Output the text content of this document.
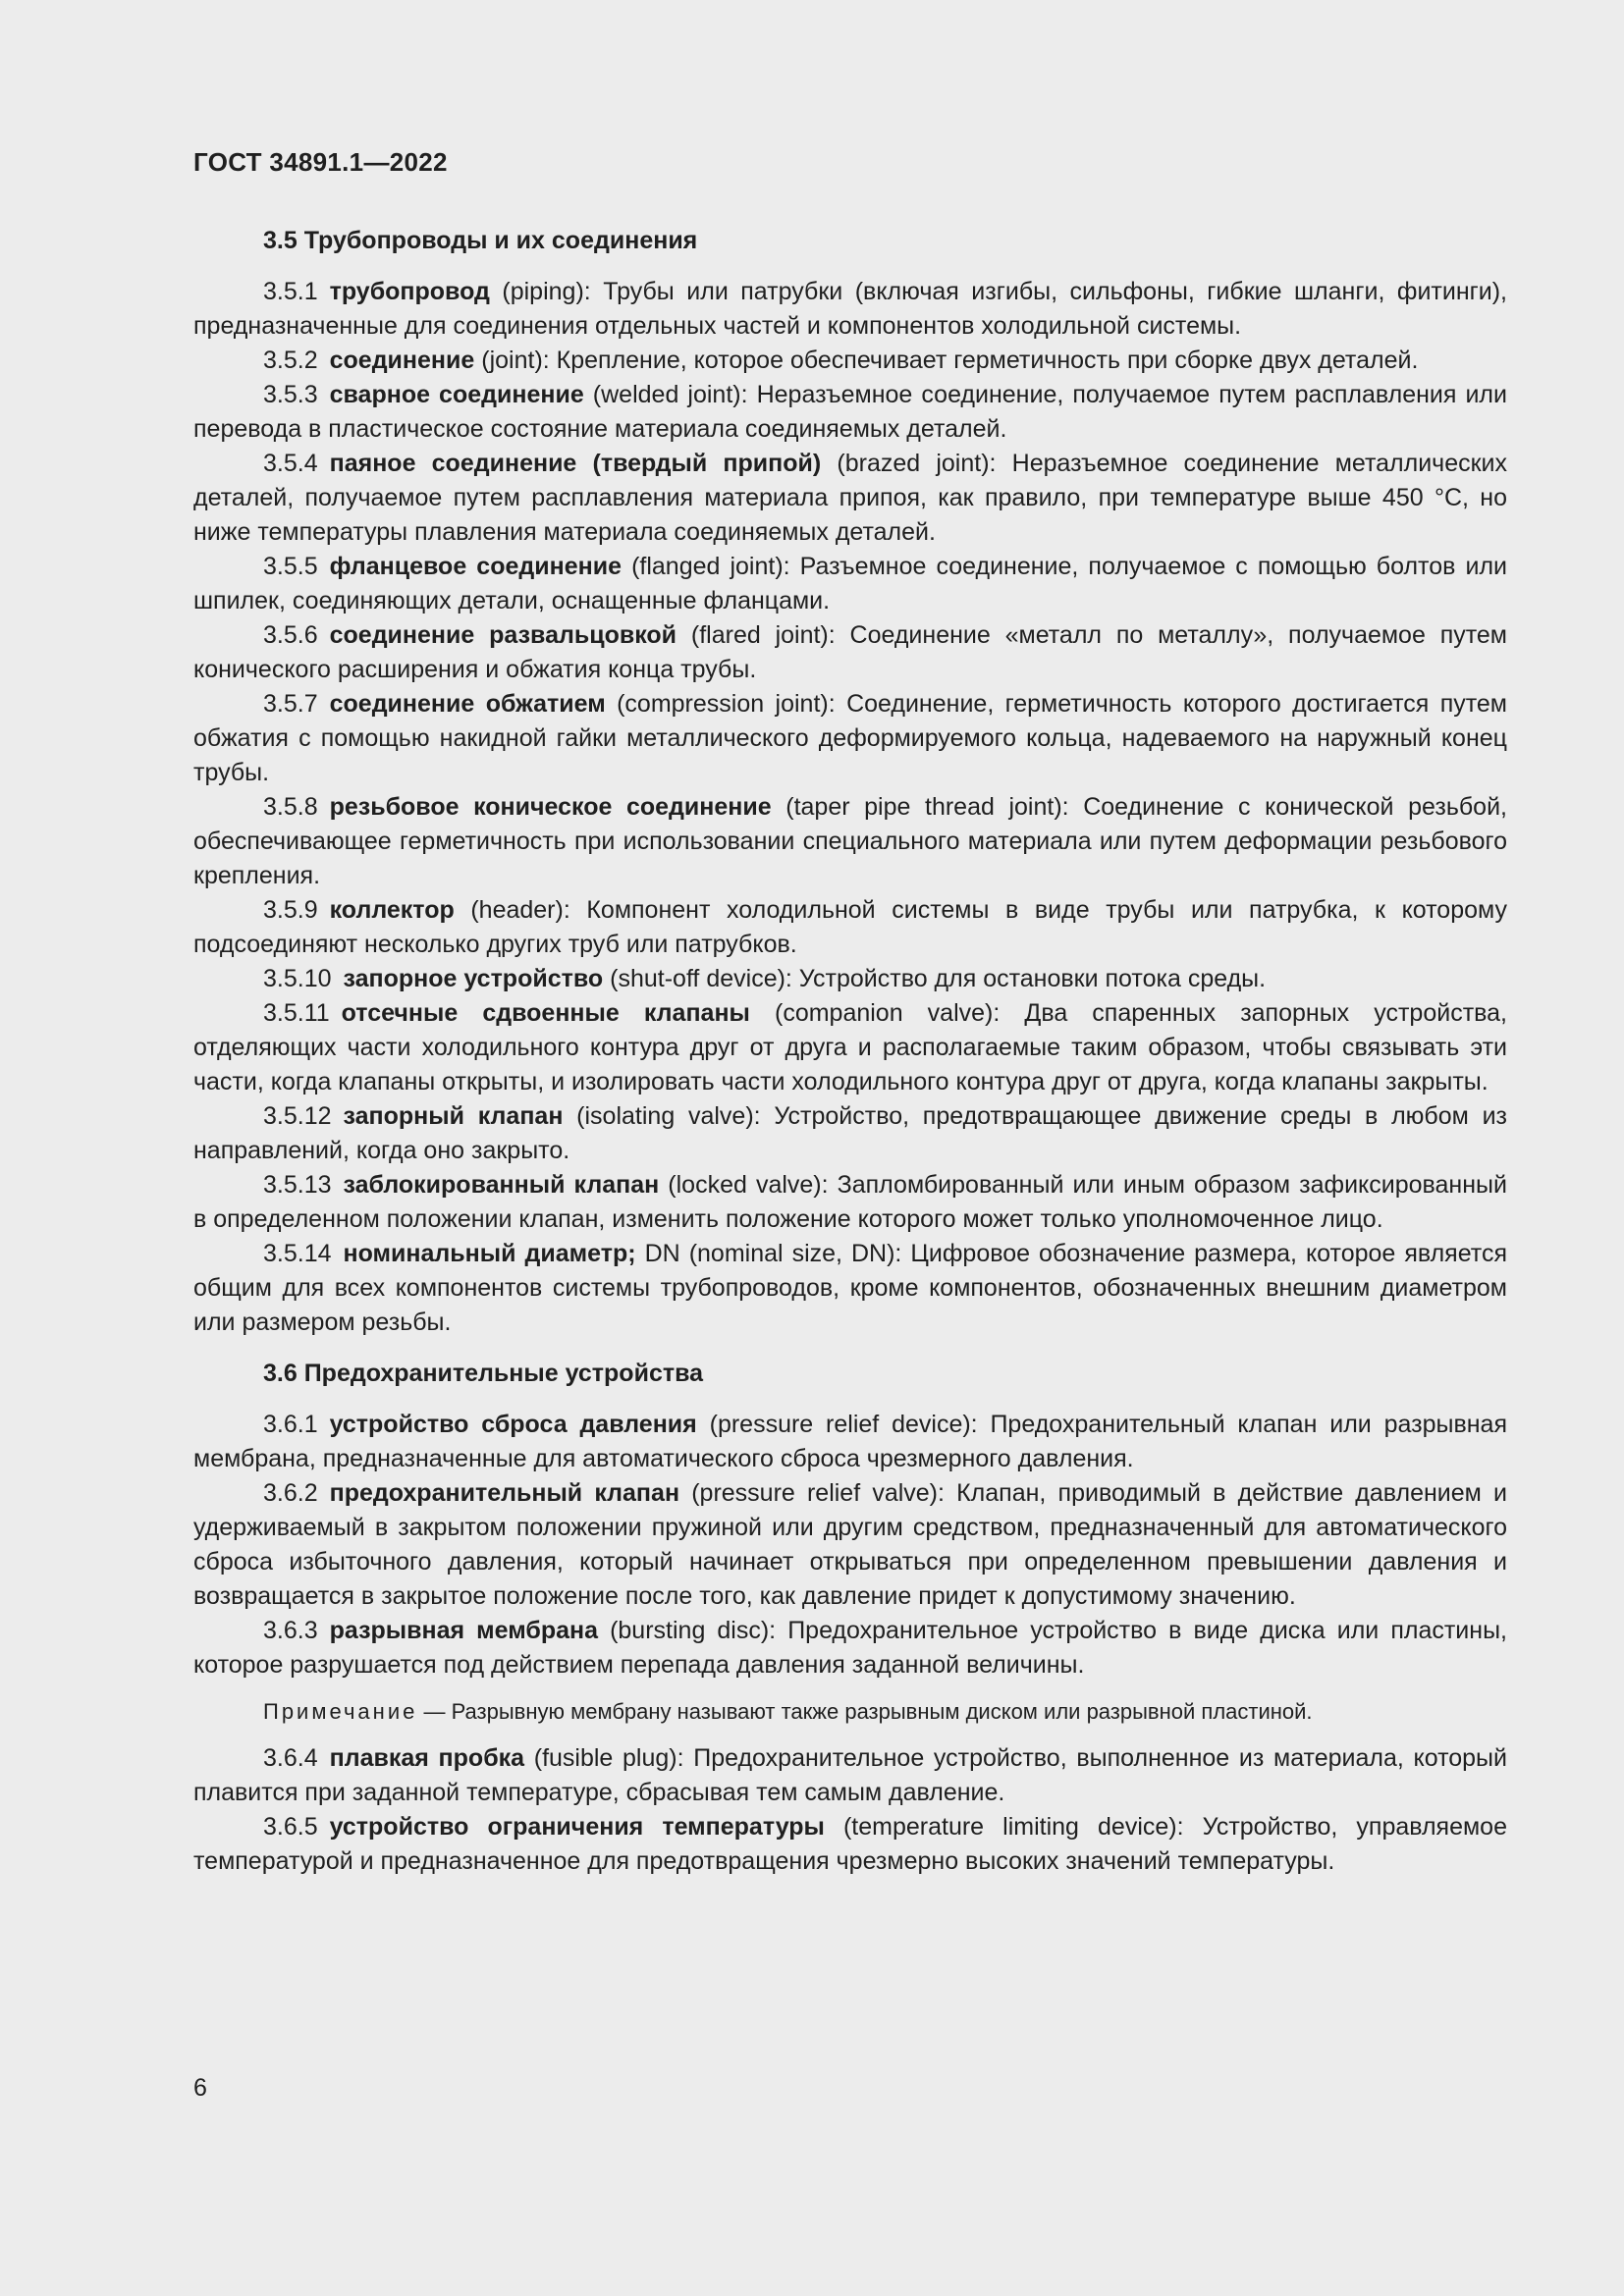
ГОСТ 34891.1—2022
3.5 Трубопроводы и их соединения

3.5.1 трубопровод (piping): Трубы или патрубки (включая изгибы, сильфоны, гибкие шланги, фитинги), предназначенные для соединения отдельных частей и компонентов холодильной системы.

3.5.2 соединение (joint): Крепление, которое обеспечивает герметичность при сборке двух деталей.

3.5.3 сварное соединение (welded joint): Неразъемное соединение, получаемое путем расплавления или перевода в пластическое состояние материала соединяемых деталей.

3.5.4 паяное соединение (твердый припой) (brazed joint): Неразъемное соединение металлических деталей, получаемое путем расплавления материала припоя, как правило, при температуре выше 450 °С, но ниже температуры плавления материала соединяемых деталей.

3.5.5 фланцевое соединение (flanged joint): Разъемное соединение, получаемое с помощью болтов или шпилек, соединяющих детали, оснащенные фланцами.

3.5.6 соединение развальцовкой (flared joint): Соединение «металл по металлу», получаемое путем конического расширения и обжатия конца трубы.

3.5.7 соединение обжатием (compression joint): Соединение, герметичность которого достигается путем обжатия с помощью накидной гайки металлического деформируемого кольца, надеваемого на наружный конец трубы.

3.5.8 резьбовое коническое соединение (taper pipe thread joint): Соединение с конической резьбой, обеспечивающее герметичность при использовании специального материала или путем деформации резьбового крепления.

3.5.9 коллектор (header): Компонент холодильной системы в виде трубы или патрубка, к которому подсоединяют несколько других труб или патрубков.

3.5.10 запорное устройство (shut-off device): Устройство для остановки потока среды.

3.5.11 отсечные сдвоенные клапаны (companion valve): Два спаренных запорных устройства, отделяющих части холодильного контура друг от друга и располагаемые таким образом, чтобы связывать эти части, когда клапаны открыты, и изолировать части холодильного контура друг от друга, когда клапаны закрыты.

3.5.12 запорный клапан (isolating valve): Устройство, предотвращающее движение среды в любом из направлений, когда оно закрыто.

3.5.13 заблокированный клапан (locked valve): Запломбированный или иным образом зафиксированный в определенном положении клапан, изменить положение которого может только уполномоченное лицо.

3.5.14 номинальный диаметр; DN (nominal size, DN): Цифровое обозначение размера, которое является общим для всех компонентов системы трубопроводов, кроме компонентов, обозначенных внешним диаметром или размером резьбы.

3.6 Предохранительные устройства

3.6.1 устройство сброса давления (pressure relief device): Предохранительный клапан или разрывная мембрана, предназначенные для автоматического сброса чрезмерного давления.

3.6.2 предохранительный клапан (pressure relief valve): Клапан, приводимый в действие давлением и удерживаемый в закрытом положении пружиной или другим средством, предназначенный для автоматического сброса избыточного давления, который начинает открываться при определенном превышении давления и возвращается в закрытое положение после того, как давление придет к допустимому значению.

3.6.3 разрывная мембрана (bursting disc): Предохранительное устройство в виде диска или пластины, которое разрушается под действием перепада давления заданной величины.

Примечание — Разрывную мембрану называют также разрывным диском или разрывной пластиной.

3.6.4 плавкая пробка (fusible plug): Предохранительное устройство, выполненное из материала, который плавится при заданной температуре, сбрасывая тем самым давление.

3.6.5 устройство ограничения температуры (temperature limiting device): Устройство, управляемое температурой и предназначенное для предотвращения чрезмерно высоких значений температуры.

6
